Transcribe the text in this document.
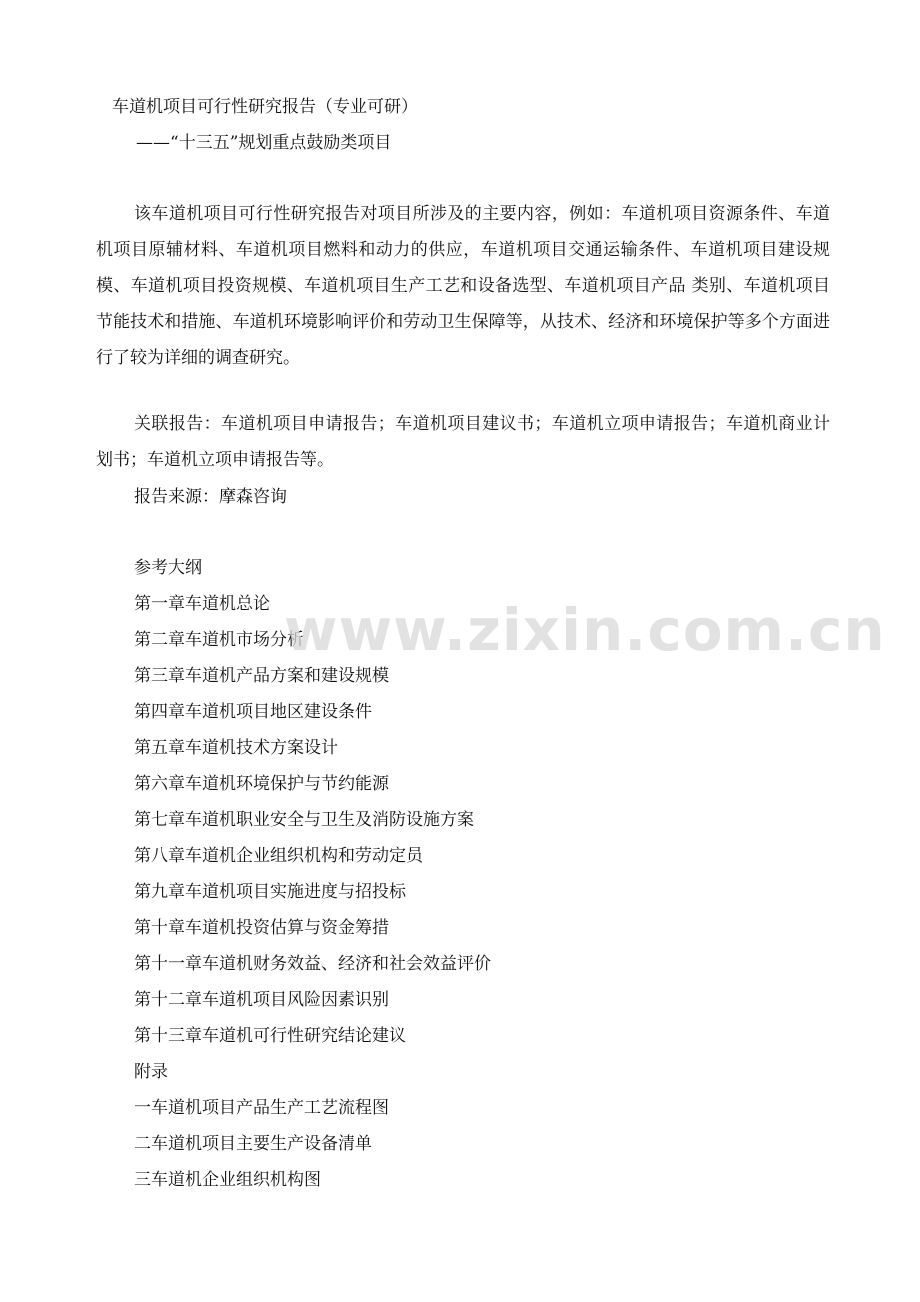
车道机项目可行性研究报告（专业可研）
——“十三五”规划重点鼓励类项目

该车道机项目可行性研究报告对项目所涉及的主要内容，例如：车道机项目资源条件、车道机项目原辅材料、车道机项目燃料和动力的供应，车道机项目交通运输条件、车道机项目建设规模、车道机项目投资规模、车道机项目生产工艺和设备选型、车道机项目产品 类别、车道机项目节能技术和措施、车道机环境影响评价和劳动卫生保障等，从技术、经济和环境保护等多个方面进行了较为详细的调查研究。

关联报告：车道机项目申请报告；车道机项目建议书；车道机立项申请报告；车道机商业计划书；车道机立项申请报告等。

报告来源：摩森咨询
参考大纲
第一章车道机总论
第二章车道机市场分析
第三章车道机产品方案和建设规模
第四章车道机项目地区建设条件
第五章车道机技术方案设计
第六章车道机环境保护与节约能源
第七章车道机职业安全与卫生及消防设施方案
第八章车道机企业组织机构和劳动定员
第九章车道机项目实施进度与招投标
第十章车道机投资估算与资金筹措
第十一章车道机财务效益、经济和社会效益评价
第十二章车道机项目风险因素识别
第十三章车道机可行性研究结论建议
附录
一车道机项目产品生产工艺流程图
二车道机项目主要生产设备清单
三车道机企业组织机构图
www.zixin.com.cn
